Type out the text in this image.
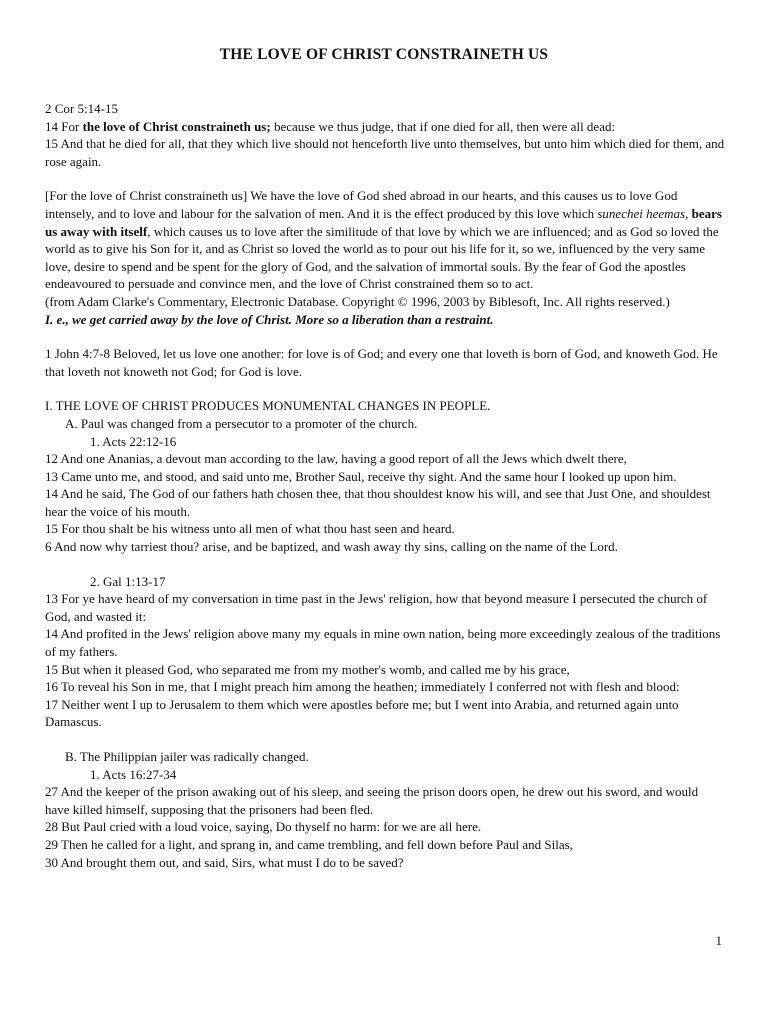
THE LOVE OF CHRIST CONSTRAINETH US

2 Cor 5:14-15

14 For the love of Christ constraineth us; because we thus judge, that if one died for all, then were all dead:

15 And that he died for all, that they which live should not henceforth live unto themselves, but unto him which died for them, and rose again.

[For the love of Christ constraineth us] We have the love of God shed abroad in our hearts, and this causes us to love God intensely, and to love and labour for the salvation of men. And it is the effect produced by this love which sunechei heemas, bears us away with itself, which causes us to love after the similitude of that love by which we are influenced; and as God so loved the world as to give his Son for it, and as Christ so loved the world as to pour out his life for it, so we, influenced by the very same love, desire to spend and be spent for the glory of God, and the salvation of immortal souls. By the fear of God the apostles endeavoured to persuade and convince men, and the love of Christ constrained them so to act.

(from Adam Clarke's Commentary, Electronic Database. Copyright © 1996, 2003 by Biblesoft, Inc. All rights reserved.)

I. e., we get carried away by the love of Christ. More so a liberation than a restraint.

1 John 4:7-8 Beloved, let us love one another: for love is of God; and every one that loveth is born of God, and knoweth God. He that loveth not knoweth not God; for God is love.

I. THE LOVE OF CHRIST PRODUCES MONUMENTAL CHANGES IN PEOPLE.

A. Paul was changed from a persecutor to a promoter of the church.

1. Acts 22:12-16

12 And one Ananias, a devout man according to the law, having a good report of all the Jews which dwelt there,

13 Came unto me, and stood, and said unto me, Brother Saul, receive thy sight. And the same hour I looked up upon him.

14 And he said, The God of our fathers hath chosen thee, that thou shouldest know his will, and see that Just One, and shouldest hear the voice of his mouth.

15 For thou shalt be his witness unto all men of what thou hast seen and heard.

6 And now why tarriest thou? arise, and be baptized, and wash away thy sins, calling on the name of the Lord.

2. Gal 1:13-17

13 For ye have heard of my conversation in time past in the Jews' religion, how that beyond measure I persecuted the church of God, and wasted it:

14 And profited in the Jews' religion above many my equals in mine own nation, being more exceedingly zealous of the traditions of my fathers.

15 But when it pleased God, who separated me from my mother's womb, and called me by his grace,

16 To reveal his Son in me, that I might preach him among the heathen; immediately I conferred not with flesh and blood:

17 Neither went I up to Jerusalem to them which were apostles before me; but I went into Arabia, and returned again unto Damascus.

B. The Philippian jailer was radically changed.

1. Acts 16:27-34

27 And the keeper of the prison awaking out of his sleep, and seeing the prison doors open, he drew out his sword, and would have killed himself, supposing that the prisoners had been fled.

28 But Paul cried with a loud voice, saying, Do thyself no harm: for we are all here.

29 Then he called for a light, and sprang in, and came trembling, and fell down before Paul and Silas,

30 And brought them out, and said, Sirs, what must I do to be saved?

1
